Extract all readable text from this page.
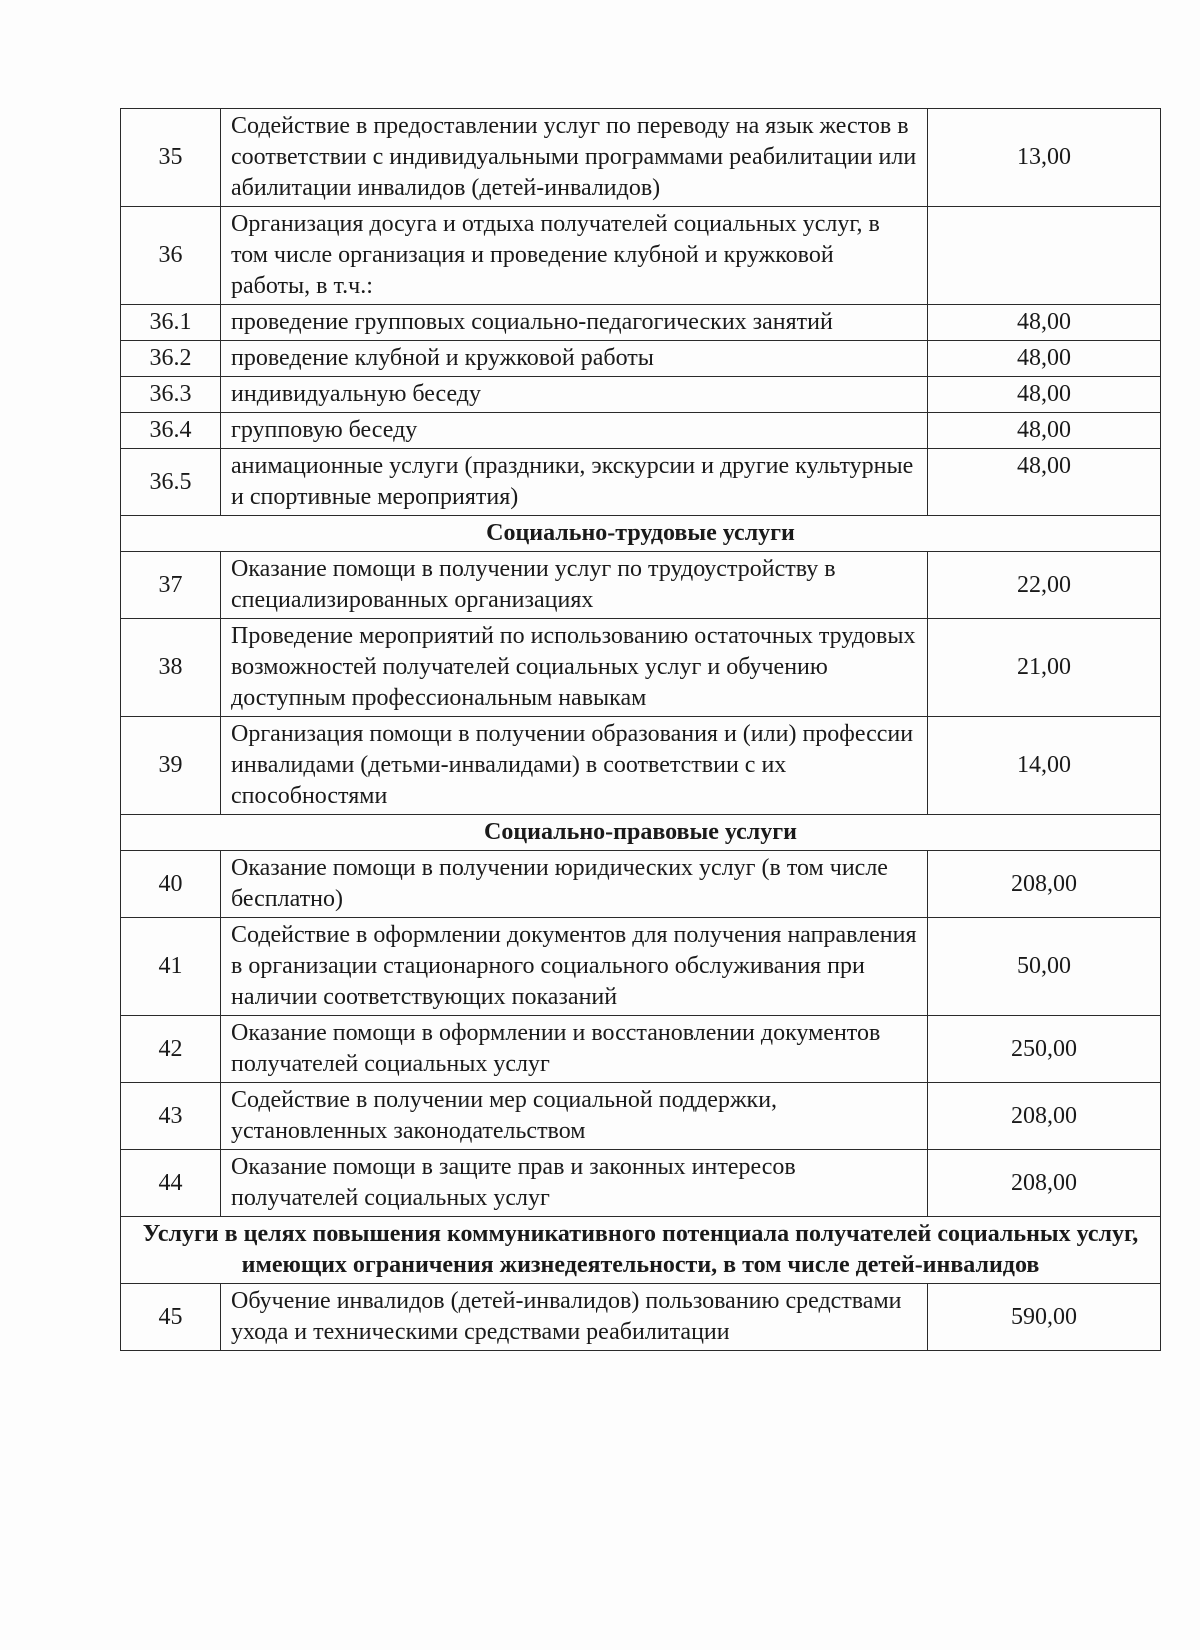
35	Содействие в предоставлении услуг по переводу на язык жестов в соответствии с индивидуальными программами реабилитации или абилитации инвалидов (детей-инвалидов)	13,00
36	Организация досуга и отдыха получателей социальных услуг, в том числе организация и проведение клубной и кружковой работы, в т.ч.:	
36.1	проведение групповых социально-педагогических занятий	48,00
36.2	проведение клубной и кружковой работы	48,00
36.3	индивидуальную беседу	48,00
36.4	групповую беседу	48,00
36.5	анимационные услуги (праздники, экскурсии и другие культурные и спортивные мероприятия)	48,00
Социально-трудовые услуги		
37	Оказание помощи в получении услуг по трудоустройству в специализированных организациях	22,00
38	Проведение мероприятий по использованию остаточных трудовых возможностей получателей социальных услуг и обучению доступным профессиональным навыкам	21,00
39	Организация помощи в получении образования и (или) профессии инвалидами (детьми-инвалидами) в соответствии с их способностями	14,00
Социально-правовые услуги		
40	Оказание помощи в получении юридических услуг (в том числе бесплатно)	208,00
41	Содействие в оформлении документов для получения направления в организации стационарного социального обслуживания при наличии соответствующих показаний	50,00
42	Оказание помощи в оформлении и восстановлении документов получателей социальных услуг	250,00
43	Содействие в получении мер социальной поддержки, установленных законодательством	208,00
44	Оказание помощи в защите прав и законных интересов получателей социальных услуг	208,00
Услуги в целях повышения коммуникативного потенциала получателей социальных услуг, имеющих ограничения жизнедеятельности, в том числе детей-инвалидов		
45	Обучение инвалидов (детей-инвалидов) пользованию средствами ухода и техническими средствами реабилитации	590,00
